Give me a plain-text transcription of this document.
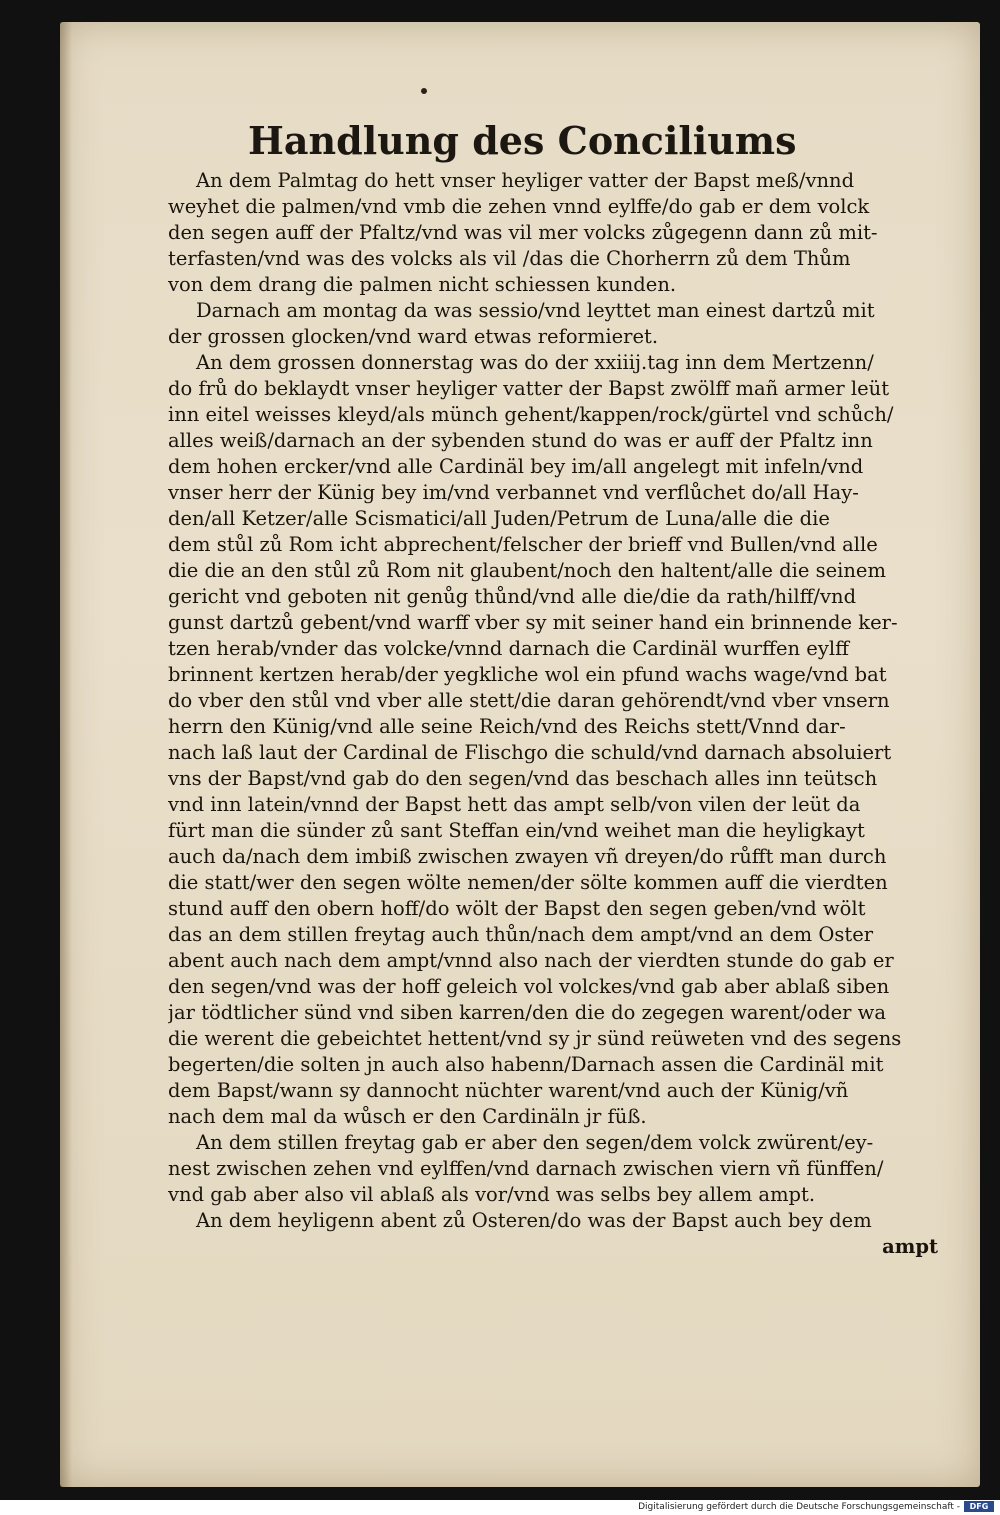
Handlung des Conciliums
An dem Palmtag do hett vnser heyliger vatter der Bapst meß/vnnd
weyhet die palmen/vnd vmb die zehen vnnd eylffe/do gab er dem volck
den segen auff der Pfaltz/vnd was vil mer volcks zůgegenn dann zů mit-
terfasten/vnd was des volcks als vil /das die Chorherrn zů dem Thům
von dem drang die palmen nicht schiessen kunden.
Darnach am montag da was sessio/vnd leyttet man einest dartzů mit
der grossen glocken/vnd ward etwas reformieret.
An dem grossen donnerstag was do der xxiiij.tag inn dem Mertzenn/
do frů do beklaydt vnser heyliger vatter der Bapst zwölff mañ armer leüt
inn eitel weisses kleyd/als münch gehent/kappen/rock/gürtel vnd schůch/
alles weiß/darnach an der sybenden stund do was er auff der Pfaltz inn
dem hohen ercker/vnd alle Cardinäl bey im/all angelegt mit infeln/vnd
vnser herr der Künig bey im/vnd verbannet vnd verflůchet do/all Hay-
den/all Ketzer/alle Scismatici/all Juden/Petrum de Luna/alle die die
dem stůl zů Rom icht abprechent/felscher der brieff vnd Bullen/vnd alle
die die an den stůl zů Rom nit glaubent/noch den haltent/alle die seinem
gericht vnd geboten nit genůg thůnd/vnd alle die/die da rath/hilff/vnd
gunst dartzů gebent/vnd warff vber sy mit seiner hand ein brinnende ker-
tzen herab/vnder das volcke/vnnd darnach die Cardinäl wurffen eylff
brinnent kertzen herab/der yegkliche wol ein pfund wachs wage/vnd bat
do vber den stůl vnd vber alle stett/die daran gehörendt/vnd vber vnsern
herrn den Künig/vnd alle seine Reich/vnd des Reichs stett/Vnnd dar-
nach laß laut der Cardinal de Flischgo die schuld/vnd darnach absoluiert
vns der Bapst/vnd gab do den segen/vnd das beschach alles inn teütsch
vnd inn latein/vnnd der Bapst hett das ampt selb/von vilen der leüt da
fürt man die sünder zů sant Steffan ein/vnd weihet man die heyligkayt
auch da/nach dem imbiß zwischen zwayen vñ dreyen/do růfft man durch
die statt/wer den segen wölte nemen/der sölte kommen auff die vierdten
stund auff den obern hoff/do wölt der Bapst den segen geben/vnd wölt
das an dem stillen freytag auch thůn/nach dem ampt/vnd an dem Oster
abent auch nach dem ampt/vnnd also nach der vierdten stunde do gab er
den segen/vnd was der hoff geleich vol volckes/vnd gab aber ablaß siben
jar tödtlicher sünd vnd siben karren/den die do zegegen warent/oder wa
die werent die gebeichtet hettent/vnd sy jr sünd reüweten vnd des segens
begerten/die solten jn auch also habenn/Darnach assen die Cardinäl mit
dem Bapst/wann sy dannocht nüchter warent/vnd auch der Künig/vñ
nach dem mal da wůsch er den Cardinäln jr füß.
An dem stillen freytag gab er aber den segen/dem volck zwürent/ey-
nest zwischen zehen vnd eylffen/vnd darnach zwischen viern vñ fünffen/
vnd gab aber also vil ablaß als vor/vnd was selbs bey allem ampt.
An dem heyligenn abent zů Osteren/do was der Bapst auch bey dem
ampt
Digitalisierung gefördert durch die Deutsche Forschungsgemeinschaft - DFG
